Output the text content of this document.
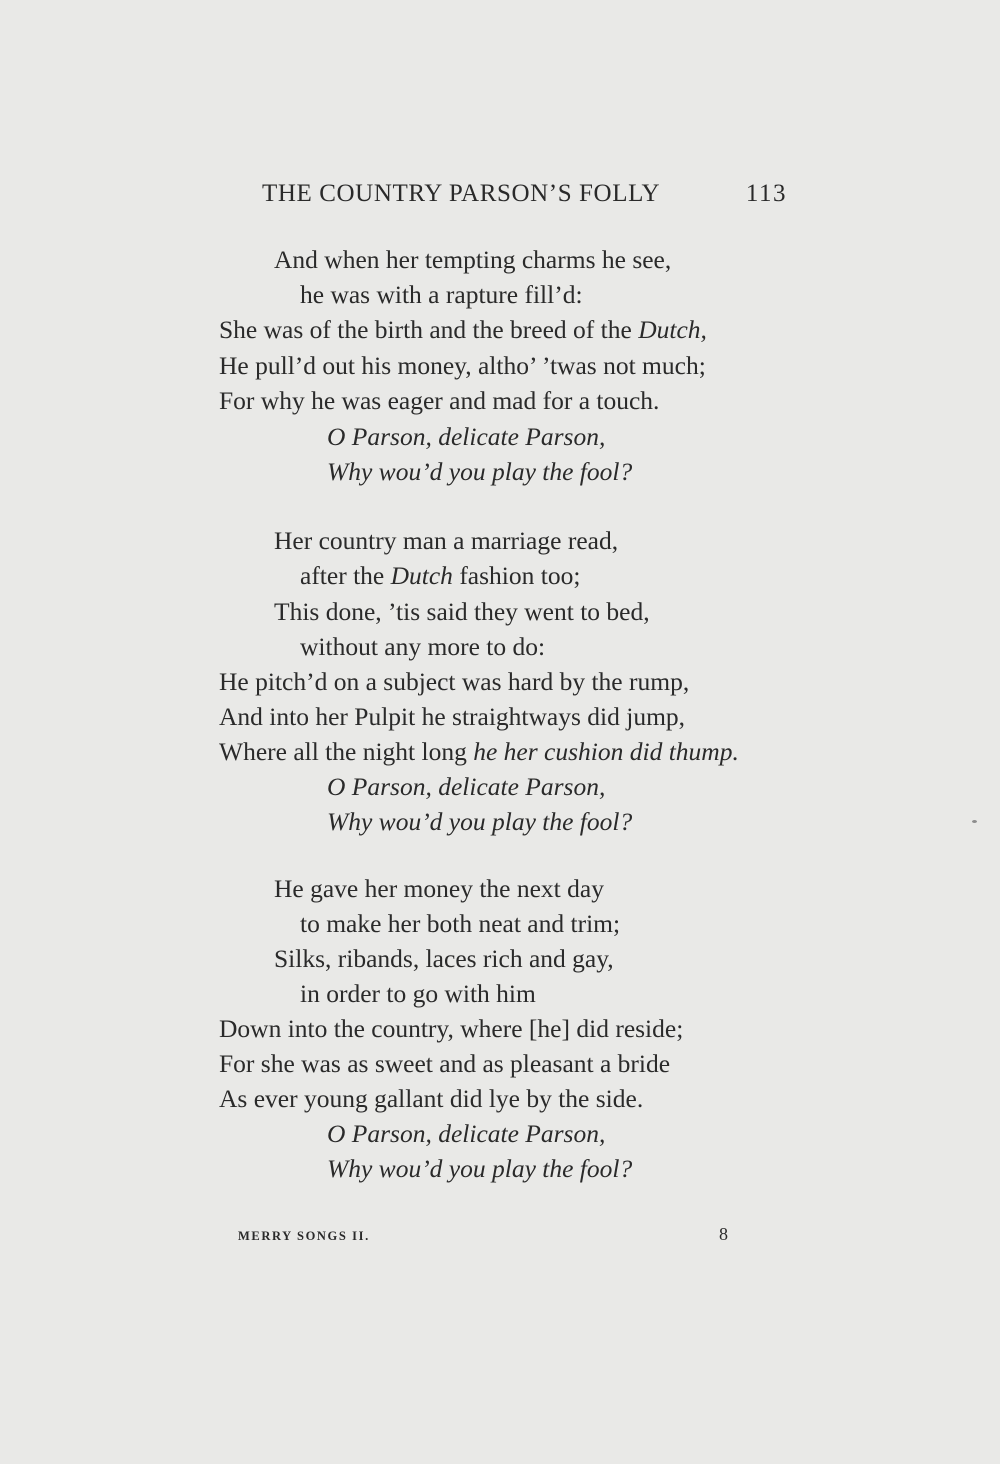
THE COUNTRY PARSON’S FOLLY	113
And when her tempting charms he see,
he was with a rapture fill’d:
She was of the birth and the breed of the Dutch,
He pull’d out his money, altho’ ’twas not much;
For why he was eager and mad for a touch.
O Parson, delicate Parson,
Why wou’d you play the fool?
Her country man a marriage read,
after the Dutch fashion too;
This done, ’tis said they went to bed,
without any more to do:
He pitch’d on a subject was hard by the rump,
And into her Pulpit he straightways did jump,
Where all the night long he her cushion did thump.
O Parson, delicate Parson,
Why wou’d you play the fool?
He gave her money the next day
to make her both neat and trim;
Silks, ribands, laces rich and gay,
in order to go with him
Down into the country, where [he] did reside;
For she was as sweet and as pleasant a bride
As ever young gallant did lye by the side.
O Parson, delicate Parson,
Why wou’d you play the fool?
MERRY SONGS II.	8
